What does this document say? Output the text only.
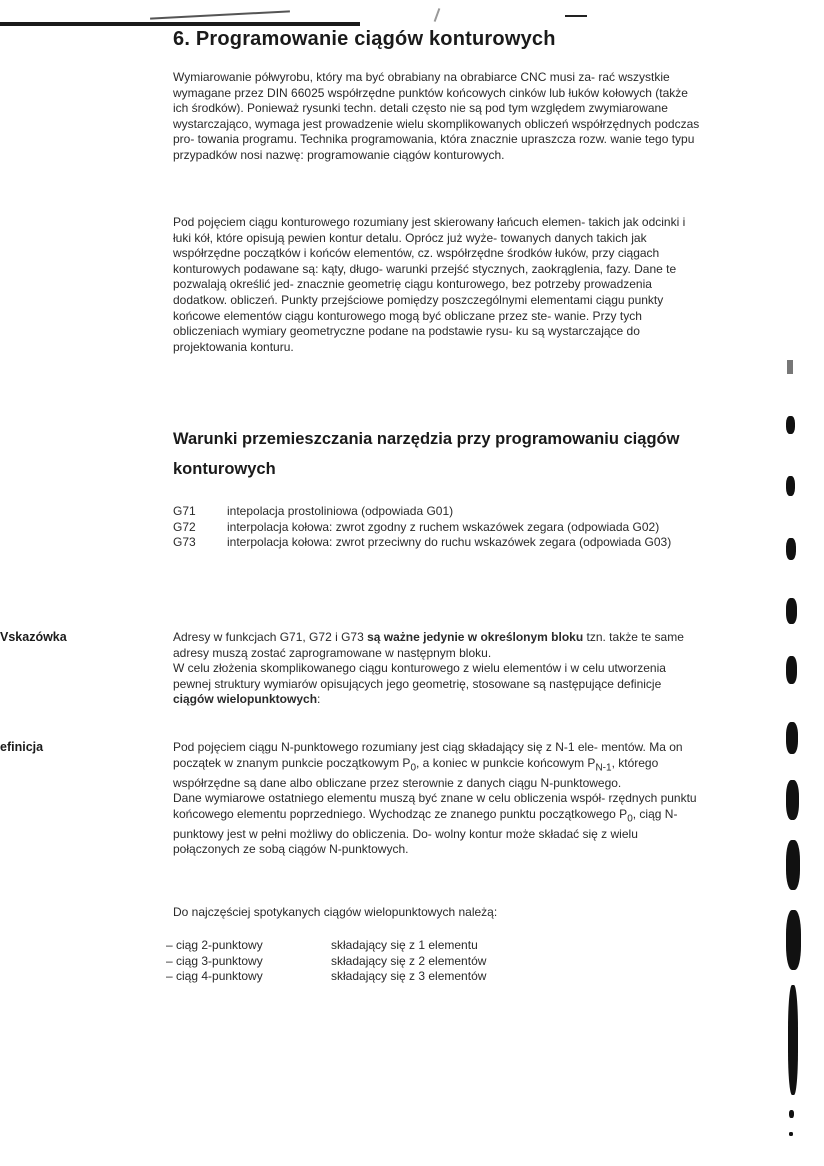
6. Programowanie ciągów konturowych

Wymiarowanie półwyrobu, który ma być obrabiany na obrabiarce CNC musi za- rać wszystkie wymagane przez DIN 66025 współrzędne punktów końcowych cinków lub łuków kołowych (także ich środków). Ponieważ rysunki techn. detali często nie są pod tym względem zwymiarowane wystarczająco, wymaga jest prowadzenie wielu skomplikowanych obliczeń współrzędnych podczas pro- towania programu. Technika programowania, która znacznie upraszcza rozw. wanie tego typu przypadków nosi nazwę: programowanie ciągów konturowych.

Pod pojęciem ciągu konturowego rozumiany jest skierowany łańcuch elemen- takich jak odcinki i łuki kół, które opisują pewien kontur detalu. Oprócz już wyże- towanych danych takich jak współrzędne początków i końców elementów, cz. współrzędne środków łuków, przy ciągach konturowych podawane są: kąty, długo- warunki przejść stycznych, zaokrąglenia, fazy. Dane te pozwalają określić jed- znacznie geometrię ciągu konturowego, bez potrzeby prowadzenia dodatkow. obliczeń. Punkty przejściowe pomiędzy poszczególnymi elementami ciągu punkty końcowe elementów ciągu konturowego mogą być obliczane przez ste- wanie. Przy tych obliczeniach wymiary geometryczne podane na podstawie rysu- ku są wystarczające do projektowania konturu.

Warunki przemieszczania narzędzia przy programowaniu ciągów konturowych
G71	intepolacja prostoliniowa (odpowiada G01)
G72	interpolacja kołowa: zwrot zgodny z ruchem wskazówek zegara (odpowiada G02)
G73	interpolacja kołowa: zwrot przeciwny do ruchu wskazówek zegara (odpowiada G03)
Vskazówka	Adresy w funkcjach G71, G72 i G73 są ważne jedynie w określonym bloku tzn. także te same adresy muszą zostać zaprogramowane w następnym bloku.
W celu złożenia skomplikowanego ciągu konturowego z wielu elementów i w celu utworzenia pewnej struktury wymiarów opisujących jego geometrię, stosowane są następujące definicje ciągów wielopunktowych:

efinicja	Pod pojęciem ciągu N-punktowego rozumiany jest ciąg składający się z N-1 ele- mentów. Ma on początek w znanym punkcie początkowym $P_0$, a koniec w punkcie końcowym $P_{N-1}$, którego współrzędne są dane albo obliczane przez sterownie z danych ciągu N-punktowego.
Dane wymiarowe ostatniego elementu muszą być znane w celu obliczenia współ- rzędnych punktu końcowego elementu poprzedniego. Wychodząc ze znanego punktu początkowego $P_0$, ciąg N-punktowy jest w pełni możliwy do obliczenia. Do- wolny kontur może składać się z wielu połączonych ze sobą ciągów N-punktowych.

Do najczęściej spotykanych ciągów wielopunktowych należą:

– ciąg 2-punktowy	składający się z 1 elementu
– ciąg 3-punktowy	składający się z 2 elementów
– ciąg 4-punktowy	składający się z 3 elementów
